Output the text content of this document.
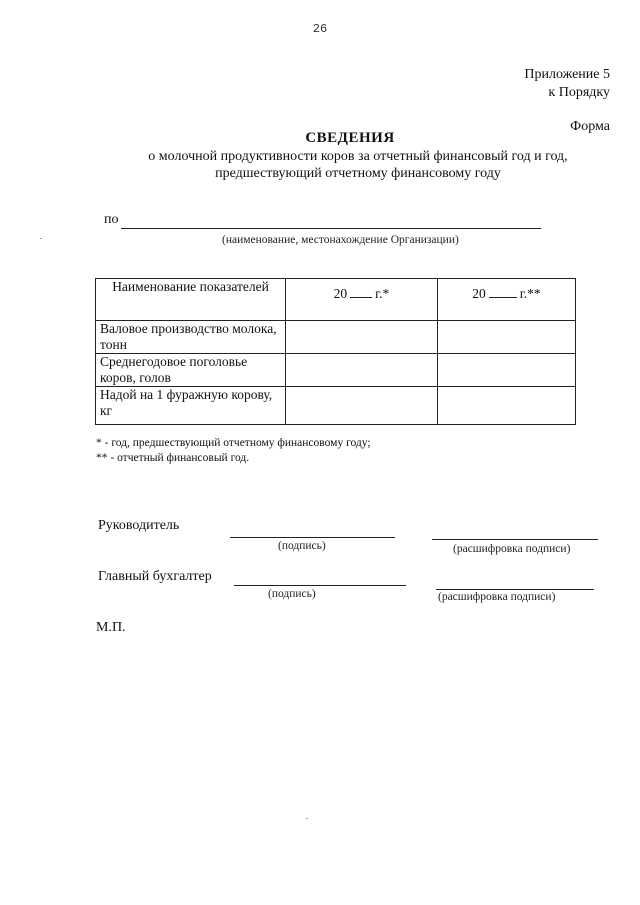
26
Приложение 5
к Порядку
Форма
СВЕДЕНИЯ
о молочной продуктивности коров за отчетный финансовый год и год,
предшествующий отчетному финансовому году
по
(наименование, местонахождение Организации)
Наименование показателей	20 г.*	20 г.**
Валовое производство молока, тонн		
Среднегодовое поголовье коров, голов		
Надой на 1 фуражную корову, кг		
* - год, предшествующий отчетному финансовому году;
** - отчетный финансовый год.
Руководитель
(подпись)	(расшифровка подписи)
Главный бухгалтер
(подпись)	(расшифровка подписи)
М.П.
